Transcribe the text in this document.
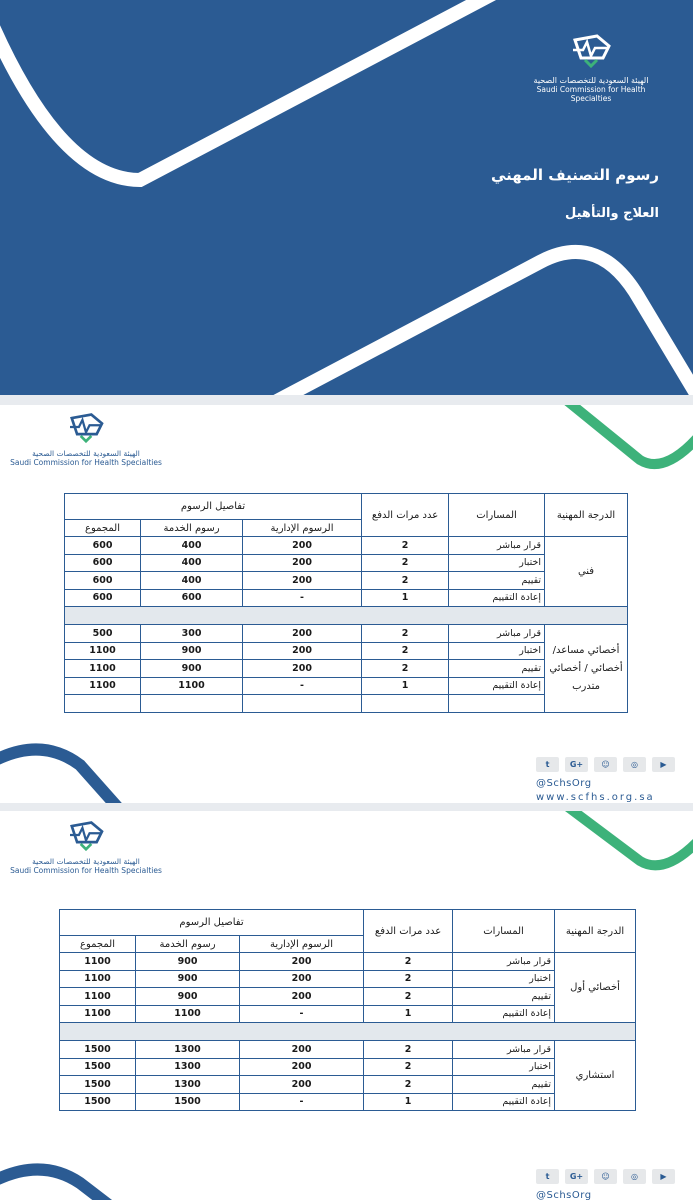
الهيئة السعودية للتخصصات الصحية
Saudi Commission for Health Specialties
رسوم التصنيف المهني
العلاج والتأهيل
الهيئة السعودية للتخصصات الصحية
Saudi Commission for Health Specialties
الدرجة المهنية	المسارات	عدد مرات الدفع	تفاصيل الرسوم		
			الرسوم الإدارية	رسوم الخدمة	المجموع
فني	قرار مباشر	2	200	400	600
	اختبار	2	200	400	600
	تقييم	2	200	400	600
	إعادة التقييم	1	-	600	600

أخصائي مساعد/ أخصائي / أخصائي متدرب	قرار مباشر	2	200	300	500
	اختبار	2	200	900	1100
	تقييم	2	200	900	1100
	إعادة التقييم	1	-	1100	1100

t	G+	☺	◎	▶
@SchsOrg
www.scfhs.org.sa
الهيئة السعودية للتخصصات الصحية
Saudi Commission for Health Specialties
الدرجة المهنية	المسارات	عدد مرات الدفع	تفاصيل الرسوم		
			الرسوم الإدارية	رسوم الخدمة	المجموع
أخصائي أول	قرار مباشر	2	200	900	1100
	اختبار	2	200	900	1100
	تقييم	2	200	900	1100
	إعادة التقييم	1	-	1100	1100

استشاري	قرار مباشر	2	200	1300	1500
	اختبار	2	200	1300	1500
	تقييم	2	200	1300	1500
	إعادة التقييم	1	-	1500	1500
t	G+	☺	◎	▶
@SchsOrg
